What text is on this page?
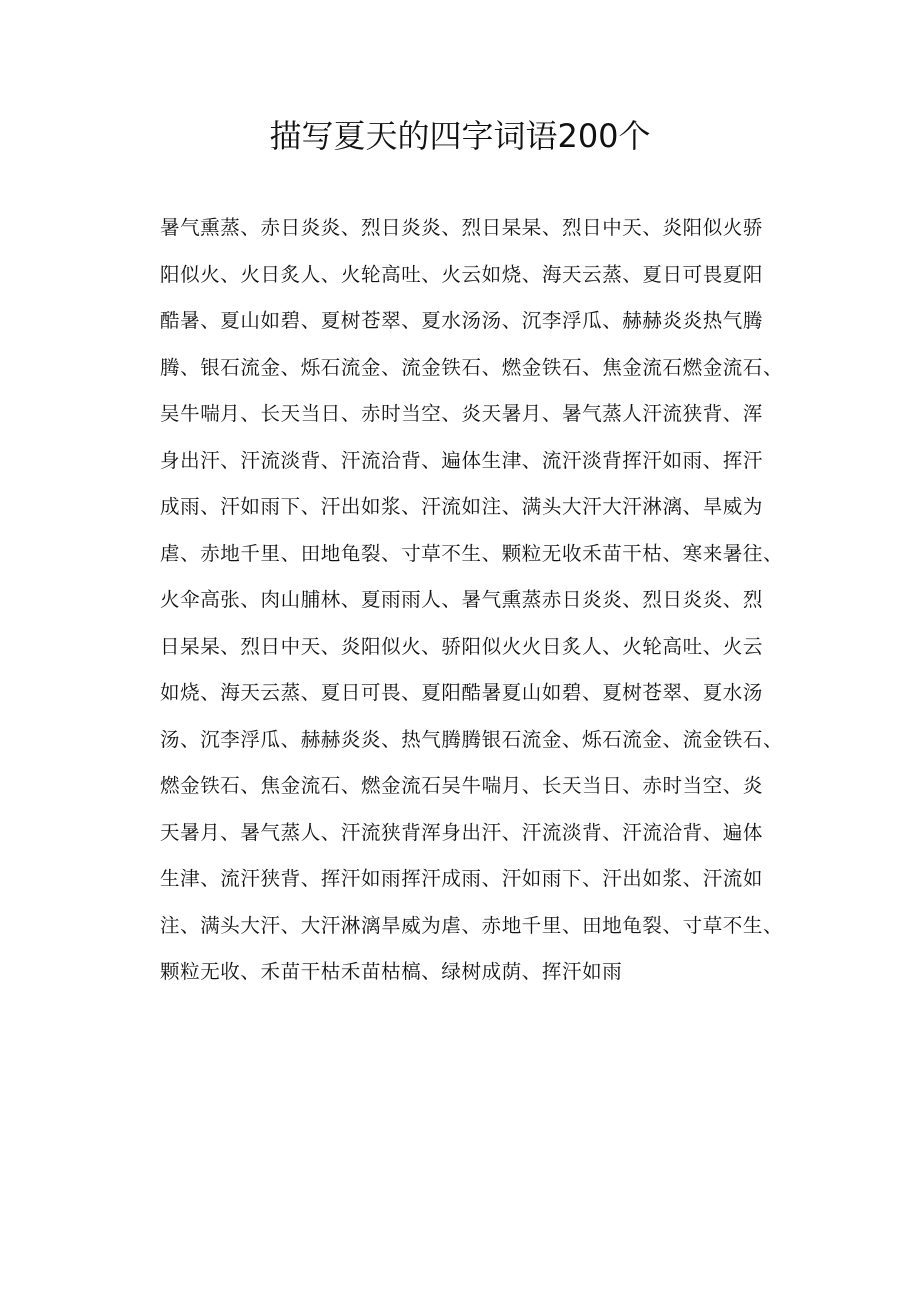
描写夏天的四字词语200个
暑气熏蒸、赤日炎炎、烈日炎炎、烈日杲杲、烈日中天、炎阳似火骄
阳似火、火日炙人、火轮高吐、火云如烧、海天云蒸、夏日可畏夏阳
酷暑、夏山如碧、夏树苍翠、夏水汤汤、沉李浮瓜、赫赫炎炎热气腾
腾、银石流金、烁石流金、流金铁石、燃金铁石、焦金流石燃金流石、
吴牛喘月、长天当日、赤时当空、炎天暑月、暑气蒸人汗流狭背、浑
身出汗、汗流淡背、汗流洽背、遍体生津、流汗淡背挥汗如雨、挥汗
成雨、汗如雨下、汗出如浆、汗流如注、满头大汗大汗淋漓、旱威为
虐、赤地千里、田地龟裂、寸草不生、颗粒无收禾苗干枯、寒来暑往、
火伞高张、肉山脯林、夏雨雨人、暑气熏蒸赤日炎炎、烈日炎炎、烈
日杲杲、烈日中天、炎阳似火、骄阳似火火日炙人、火轮高吐、火云
如烧、海天云蒸、夏日可畏、夏阳酷暑夏山如碧、夏树苍翠、夏水汤
汤、沉李浮瓜、赫赫炎炎、热气腾腾银石流金、烁石流金、流金铁石、
燃金铁石、焦金流石、燃金流石吴牛喘月、长天当日、赤时当空、炎
天暑月、暑气蒸人、汗流狭背浑身出汗、汗流淡背、汗流洽背、遍体
生津、流汗狭背、挥汗如雨挥汗成雨、汗如雨下、汗出如浆、汗流如
注、满头大汗、大汗淋漓旱威为虐、赤地千里、田地龟裂、寸草不生、
颗粒无收、禾苗干枯禾苗枯槁、绿树成荫、挥汗如雨
